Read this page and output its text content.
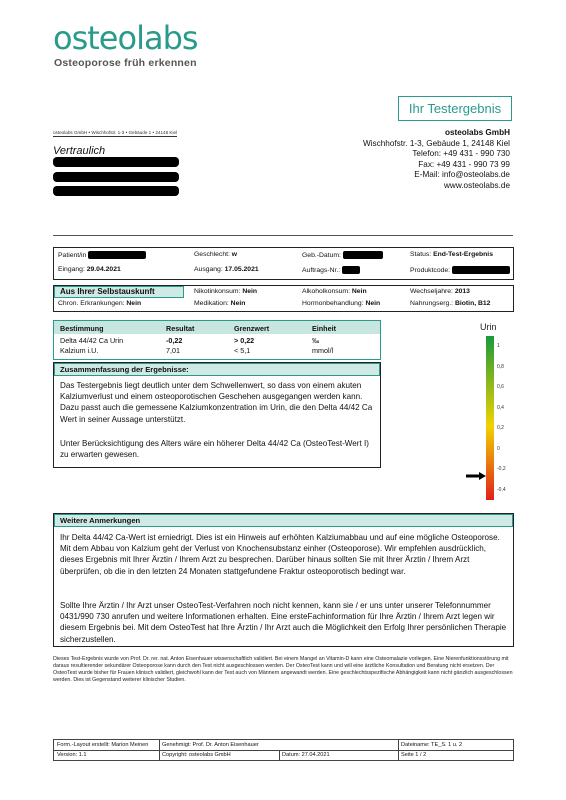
osteolabs
Osteoporose früh erkennen
Ihr Testergebnis
osteolabs GmbH • Wischhofstr. 1-3 • Gebäude 1 • 24148 Kiel
Vertraulich
osteolabs GmbH
Wischhofstr. 1-3, Gebäude 1, 24148 Kiel
Telefon: +49 431 - 990 730
Fax: +49 431 - 990 73 99
E-Mail: info@osteolabs.de
www.osteolabs.de
Patient/in	Geschlecht: w	Geb.-Datum:	Status: End-Test-Ergebnis
Eingang: 29.04.2021	Ausgang: 17.05.2021	Auftrags-Nr.:	Produktcode:
Aus Ihrer Selbstauskunft	Nikotinkonsum: Nein	Alkoholkonsum: Nein	Wechseljahre: 2013
Chron. Erkrankungen: Nein	Medikation: Nein	Hormonbehandlung: Nein	Nahrungserg.: Biotin, B12
Bestimmung	Resultat	Grenzwert	Einheit
Delta 44/42 Ca Urin	-0,22	> 0,22	‰
Kalzium i.U.	7,01	< 5,1	mmol/l
Zusammenfassung der Ergebnisse:
Das Testergebnis liegt deutlich unter dem Schwellenwert, so dass von einem akuten Kalziumverlust und einem osteoporotischen Geschehen ausgegangen werden kann. Dazu passt auch die gemessene Kalziumkonzentration im Urin, die den Delta 44/42 Ca Wert in seiner Aussage unterstützt.
Unter Berücksichtigung des Alters wäre ein höherer Delta 44/42 Ca (OsteoTest-Wert I) zu erwarten gewesen.
Urin
1
0,8
0,6
0,4
0,2
0
-0,2
-0,4
Weitere Anmerkungen
Ihr Delta 44/42 Ca-Wert ist erniedrigt. Dies ist ein Hinweis auf erhöhten Kalziumabbau und auf eine mögliche Osteoporose. Mit dem Abbau von Kalzium geht der Verlust von Knochensubstanz einher (Osteoporose). Wir empfehlen ausdrücklich, dieses Ergebnis mit Ihrer Ärztin / Ihrem Arzt zu besprechen. Darüber hinaus sollten Sie mit Ihrer Ärztin / Ihrem Arzt überprüfen, ob die in den letzten 24 Monaten stattgefundene Fraktur osteoporotisch bedingt war.
Sollte Ihre Ärztin / Ihr Arzt unser OsteoTest-Verfahren noch nicht kennen, kann sie / er uns unter unserer Telefonnummer 0431/990 730 anrufen und weitere Informationen erhalten. Eine ersteFachinformation für Ihre Ärztin / Ihrem Arzt legen wir diesem Ergebnis bei. Mit dem OsteoTest hat Ihre Ärztin / Ihr Arzt auch die Möglichkeit den Erfolg Ihrer persönlichen Therapie sicherzustellen.
Dieses Test-Ergebnis wurde von Prof. Dr. rer. nat. Anton Eisenhauer wissenschaftlich validiert. Bei einem Mangel an Vitamin-D kann eine Osteomalazie vorliegen. Eine Nierenfunktionsstörung mit daraus resultierender sekundärer Osteoporose kann durch den Test nicht ausgeschlossen werden. Der OsteoTest kann und will eine ärztliche Konsultation und Beratung nicht ersetzen. Der OsteoTest wurde bisher für Frauen klinisch validiert, gleichwohl kann der Test auch von Männern angewandt werden. Eine geschlechtsspezifische Abhängigkeit kann nicht gänzlich ausgeschlossen werden. Dies ist Gegenstand weiterer klinischer Studien.
Form.-Layout erstellt: Marion Meinen Genehmigt: Prof. Dr. Anton Eisenhauer	Dateiname: TE_S. 1 u. 2
Version: 1.1	Copyright: osteolabs GmbH	Datum: 27.04.2021	Seite 1 / 2
